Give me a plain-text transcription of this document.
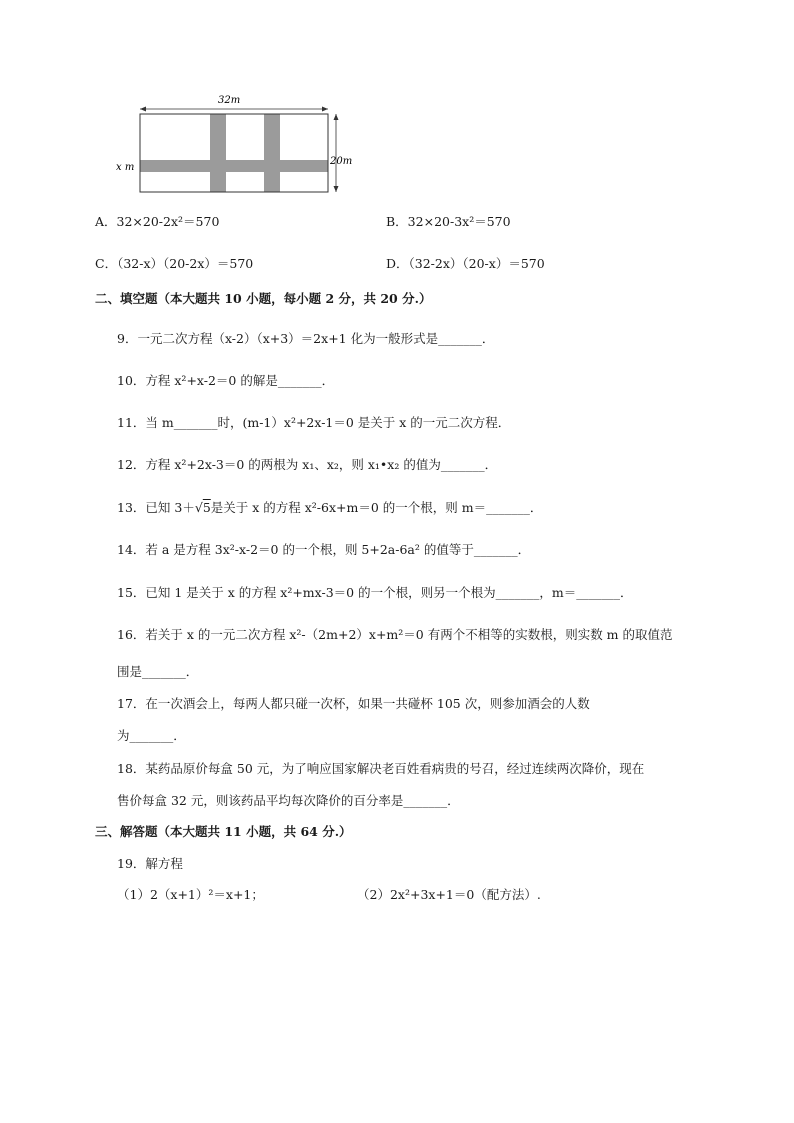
32m
20m
x m
A．32×20-2x²＝570	B．32×20-3x²＝570
C．（32-x）（20-2x）＝570	D．（32-2x）（20-x）＝570
二、填空题（本大题共 10 小题，每小题 2 分，共 20 分.）
9．一元二次方程（x-2）（x+3）＝2x+1 化为一般形式是_______．
10．方程 x²+x-2＝0 的解是_______．
11．当 m_______时，(m-1）x²+2x-1＝0 是关于 x 的一元二次方程．
12．方程 x²+2x-3＝0 的两根为 x₁、x₂，则 x₁•x₂ 的值为_______．
13．已知 3＋√5是关于 x 的方程 x²-6x+m＝0 的一个根，则 m＝_______．
14．若 a 是方程 3x²-x-2＝0 的一个根，则 5+2a-6a² 的值等于_______．
15．已知 1 是关于 x 的方程 x²+mx-3＝0 的一个根，则另一个根为_______，m＝_______．
16．若关于 x 的一元二次方程 x²-（2m+2）x+m²＝0 有两个不相等的实数根，则实数 m 的取值范
围是_______．
17．在一次酒会上，每两人都只碰一次杯，如果一共碰杯 105 次，则参加酒会的人数
为_______．
18．某药品原价每盒 50 元，为了响应国家解决老百姓看病贵的号召，经过连续两次降价，现在
售价每盒 32 元，则该药品平均每次降价的百分率是_______．
三、解答题（本大题共 11 小题，共 64 分.）
19．解方程
（1）2（x+1）²＝x+1；	（2）2x²+3x+1＝0（配方法）.
